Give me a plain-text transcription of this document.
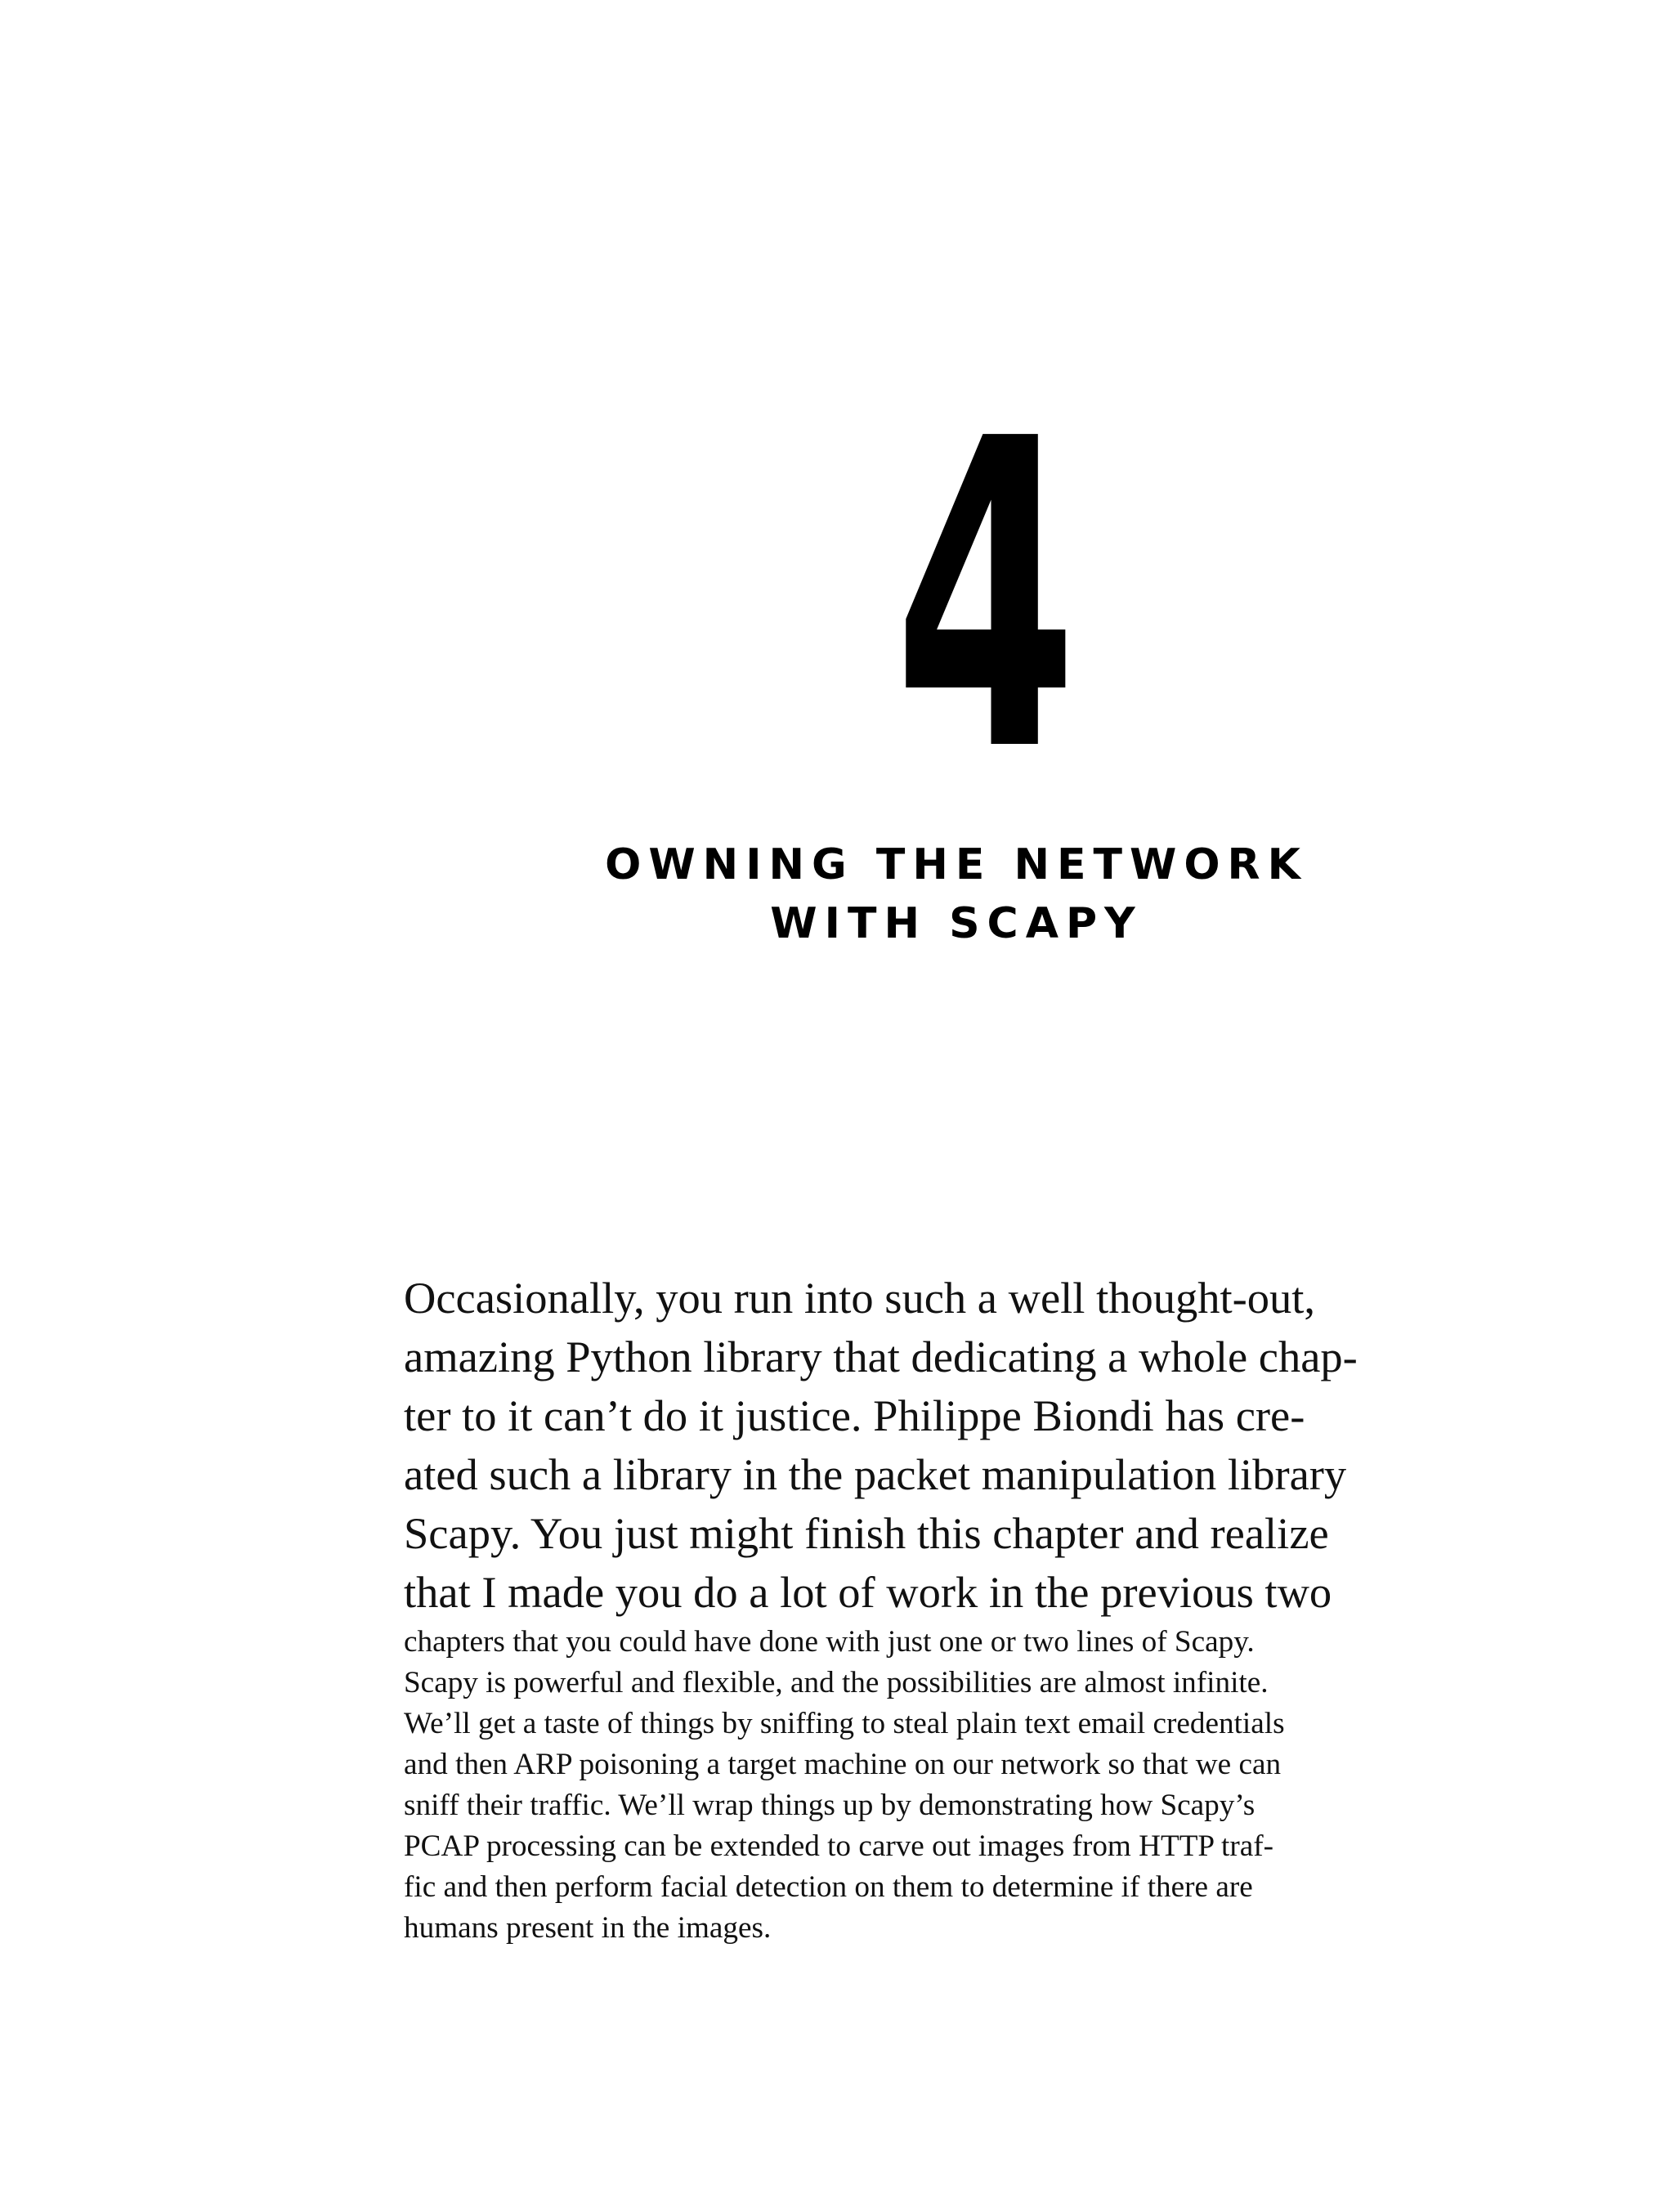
4
OWNING THE NETWORK
WITH SCAPY
Occasionally, you run into such a well thought-out,
amazing Python library that dedicating a whole chap-
ter to it can’t do it justice. Philippe Biondi has cre-
ated such a library in the packet manipulation library
Scapy. You just might finish this chapter and realize
that I made you do a lot of work in the previous two
chapters that you could have done with just one or two lines of Scapy.
Scapy is powerful and flexible, and the possibilities are almost infinite.
We’ll get a taste of things by sniffing to steal plain text email credentials
and then ARP poisoning a target machine on our network so that we can
sniff their traffic. We’ll wrap things up by demonstrating how Scapy’s
PCAP processing can be extended to carve out images from HTTP traf-
fic and then perform facial detection on them to determine if there are
humans present in the images.
